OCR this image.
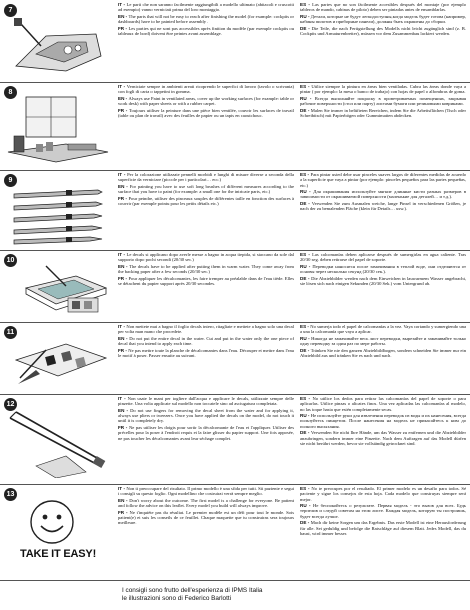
7

IT - Le parti che non saranno facilmente raggiungibili a modello ultimato (abitacoli e cruscotti ad esempio) vanno verniciati prima del loro montaggio.

EN - The parts that will not be easy to reach after finishing the model (for example: cockpits or dashboards) have to be painted before assembly .

FR - Les parties qui ne sont pas accessibles après finition du modèle (par exemple cockpits ou tableaux de bord) doivent être peintes avant assemblage.

ES - Las partes que no son fácilmente accesibles después del montaje (por ejemplo tableros de mando, cabinas de piloto) deben ser pintadas antes de ensamblarlas.

RU - Детали, которые не будут легкодоступны,когда модель будет готова (например, кабины пилотов и приборные панели), должны быть окрашены до сборки.

DE - Die Teile, die nach Fertigstellung des Modells nicht leicht zugänglich sind (z. B. Cockpits und Armaturenbretter), müssen vor dem Zusammenbau lackiert werden.

8

IT - Verniciate sempre in ambienti areati ricoprendo le superfici di lavoro (tavolo o scrivania) con fogli di carta o tappetini in gomma.

EN - Always use Paint in ventilated areas, cover up the working surfaces (for example: table or work desk) with paper sheets or with a rubber carpet.

FR - Toujours utiliser la peinture dans une pièce bien ventilée, couvrir les surfaces de travail (table ou plan de travail) avec des feuilles de papier ou un tapis en caoutchouc.

ES - Utilice siempre la pintura en áreas bien ventiladas. Cubra las áreas donde vaya a pintar ( por ejemplo: la mesa o banco de trabajo) con hojas de papel o alfombras de goma.

RU - Всегда выполняйте покраску в проветриваемых помещениях, закрывая рабочие поверхности (стол или парту) листами бумаги или резиновыми ковриками.

DE - Malen Sie immer in belüfteten Bereichen, indem Sie die Arbeitsflächen (Tisch oder Schreibtisch) mit Papierbögen oder Gummimatten abdecken.

9

IT - Per la colorazione utilizzate pennelli morbidi e lunghi di misure diverse a seconda della superficie da verniciare (piccole per i particolari… ecc.)

EN - For painting you have to use soft long brushes of different measures according to the surface that you have to paint (for example: a small one for the intricate parts, etc.)

FR - Pour peindre, utiliser des pinceaux souples de différentes taille en fonction des surfaces à couvrir (par exemple pointu pour les petits détails etc.)

ES - Para pintar usted debe usar pinceles suaves largos de diferentes medidas de acuerdo a la superficie que vaya a pintar (por ejemplo: pinceles pequeños para las partes pequeñas, etc.)

RU - Для окрашивания используйте мягкие длинные кисти разных размеров в зависимости от окрашиваемой поверхности (маленькие для деталей… и т.д.).

DE - Verwenden Sie zum Ausmalen weiche, lange Pinsel in verschiedenen Größen, je nach der zu bemalenden Fläche (klein für Details… usw.).

10

IT - Le decals si applicano dopo averle messe a bagno in acqua tiepida, si staccano da sole dal supporto dopo pochi secondi (20/30 sec.)

EN - The decals have to be applied after putting them in warm water. They come away from the backing paper after a few seconds (20/30 sec.)

FR - Pour appliquer les décalcomanies, les faire tremper au préalable dans de l'eau tiède. Elles se détachent du papier support après 20/30 secondes.

ES - Las calcomanías deben aplicarse después de sumergirlas en agua caliente. Tras 20/30 seg. deben retirarse del papel de soporte.

RU - Переводки наносятся после замачивания в теплой воде, они отделяются от основы через несколько секунд (20/30 сек.).

DE - Die Abziehbilder werden nach dem Einweichen in lauwarmem Wasser angebracht, sie lösen sich nach einigen Sekunden (20/30 Sek.) vom Untergrund ab.

11

IT - Non mettete mai a bagno il foglio decals intero, ritagliate e mettete a bagno solo una decal per volta man mano che procedete.

EN - Do not put the entire decal in the water. Cut and put in the water only the one piece of decal that you intend to apply each time.

FR - Ne pas mettre toute la planche de décalcomanies dans l'eau. Découper et mettre dans l'eau le motif à poser. Passer ensuite au suivant.

ES - No sumerja todo el papel de calcomanías a la vez. Vaya cortando y sumergiendo una a una la calcomanía que vaya a aplicar.

RU - Никогда не замачивайте весь лист переводки, вырезайте и замачивайте только одну переводку за один раз по мере работы.

DE - Tränken Sie nie den ganzen Abziehbildbogen, sondern schneiden Sie immer nur ein Abziehbild aus und tränken Sie es nach und nach.

12

IT - Non usate le mani per togliere dall'acqua e applicare le decals, utilizzate sempre delle pinzette. Una volta applicate sul modello non toccatele sino ad asciugatura completata.

EN - Do not use fingers for removing the decal sheet from the water and for applying it, always use pliers or tweezers. Once you have applied the decals on the model, do not touch it until it is completely dry.

FR - Ne pas utiliser les doigts pour sortir la décalcomanie de l'eau et l'appliquer. Utiliser des précelles pour la poser à l'endroit requis et la faire glisser du papier support. Une fois apposée, ne pas toucher les décalcomanies avant leur séchage complet.

ES - No utilice los dedos para retirar las calcomanías del papel de soporte o para aplicarlas. Utilice pinzas o alicates finos. Una vez aplicadas las calcomanías al modelo, no las toque hasta que estén completamente secas.

RU - Не используйте руки для извлечения переводок из воды и их нанесения, всегда пользуйтесь пинцетом. После нанесения на модель не прикасайтесь к ним до полного высыхания.

DE - Verwenden Sie nicht Ihre Hände, um das Wasser zu entfernen und die Abziehbilder anzubringen, sondern immer eine Pinzette. Nach dem Auftragen auf das Modell dürfen sie nicht berührt werden, bevor sie vollständig getrocknet sind.

13

IT - Non ti preoccupare del risultato. Il primo modello è una sfida per tutti. Sii paziente e segui i consigli su questo foglio. Ogni modellino che costruirai verrà sempre meglio.

EN - Don't worry about the outcome. The first model is a challenge for everyone. Be patient and follow the advice on this leaflet. Every model you build will always improve.

FR - Ne t'inquiète pas du résultat. Le premier modèle est un défi pour tout le monde. Sois patient(e) et suis les conseils de ce feuillet. Chaque maquette que tu construiras sera toujours meilleure.

ES - No te preocupes por el resultado. El primer modelo es un desafío para todos. Sé paciente y sigue los consejos de esta hoja. Cada modelo que construyas siempre será mejor.

RU - Не беспокойтесь о результате. Первая модель - это вызов для всех. Будь терпелив и следуй советам на этом листе. Каждая модель, которую ты построишь, будет всегда лучше.

DE - Mach dir keine Sorgen um das Ergebnis. Das erste Modell ist eine Herausforderung für alle. Sei geduldig und befolge die Ratschläge auf diesem Blatt. Jedes Modell, das du baust, wird immer besser.

TAKE IT EASY!
I consigli sono frutto dell'esperienza di IPMS Italia
le illustrazioni sono di Federico Barlotti
